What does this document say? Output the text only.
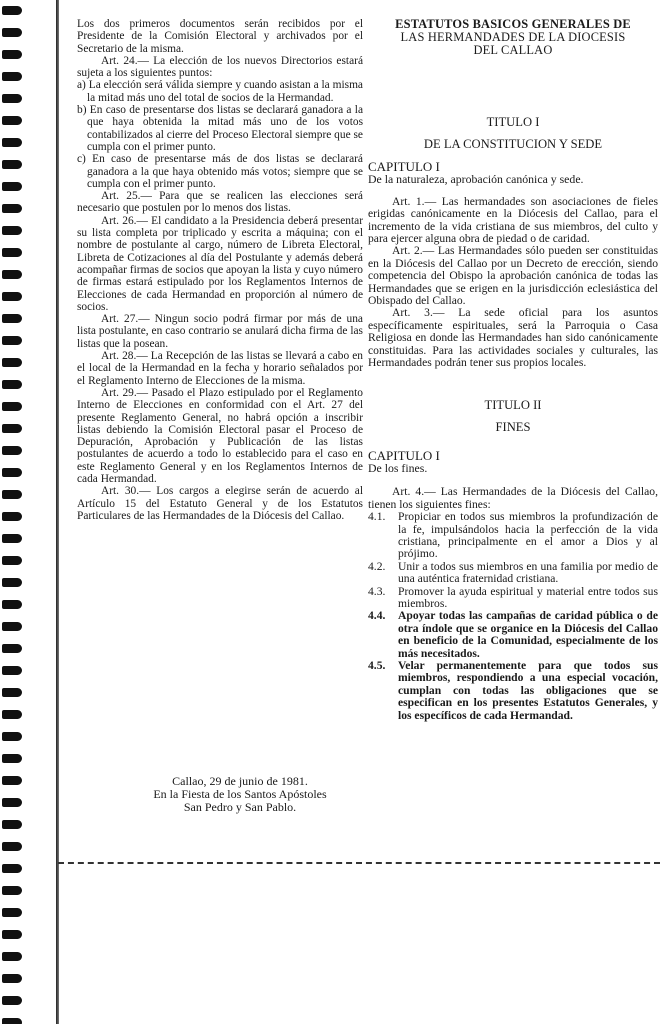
Los dos primeros documentos serán recibidos por el Presidente de la Comisión Electoral y archivados por el Secretario de la misma.

Art. 24.— La elección de los nuevos Directorios estará sujeta a los siguientes puntos:

a) La elección será válida siempre y cuando asistan a la misma la mitad más uno del total de socios de la Hermandad.

b) En caso de presentarse dos listas se declarará ganadora a la que haya obtenida la mitad más uno de los votos contabilizados al cierre del Proceso Electoral siempre que se cumpla con el primer punto.

c) En caso de presentarse más de dos listas se declarará ganadora a la que haya obtenido más votos; siempre que se cumpla con el primer punto.

Art. 25.— Para que se realicen las elecciones será necesario que postulen por lo menos dos listas.

Art. 26.— El candidato a la Presidencia deberá presentar su lista completa por triplicado y escrita a máquina; con el nombre de postulante al cargo, número de Libreta Electoral, Libreta de Cotizaciones al día del Postulante y además deberá acompañar firmas de socios que apoyan la lista y cuyo número de firmas estará estipulado por los Reglamentos Internos de Elecciones de cada Hermandad en proporción al número de socios.

Art. 27.— Ningun socio podrá firmar por más de una lista postulante, en caso contrario se anulará dicha firma de las listas que la posean.

Art. 28.— La Recepción de las listas se llevará a cabo en el local de la Hermandad en la fecha y horario señalados por el Reglamento Interno de Elecciones de la misma.

Art. 29.— Pasado el Plazo estipulado por el Reglamento Interno de Elecciones en conformidad con el Art. 27 del presente Reglamento General, no habrá opción a inscribir listas debiendo la Comisión Electoral pasar el Proceso de Depuración, Aprobación y Publicación de las listas postulantes de acuerdo a todo lo establecido para el caso en este Reglamento General y en los Reglamentos Internos de cada Hermandad.

Art. 30.— Los cargos a elegirse serán de acuerdo al Artículo 15 del Estatuto General y de los Estatutos Particulares de las Hermandades de la Diócesis del Callao.

Callao, 29 de junio de 1981.

En la Fiesta de los Santos Apóstoles

San Pedro y San Pablo.

ESTATUTOS BASICOS GENERALES DE
LAS HERMANDADES DE LA DIOCESIS
DEL CALLAO

TITULO I

DE LA CONSTITUCION Y SEDE

CAPITULO I

De la naturaleza, aprobación canónica y sede.

Art. 1.— Las hermandades son asociaciones de fieles erigidas canónicamente en la Diócesis del Callao, para el incremento de la vida cristiana de sus miembros, del culto y para ejercer alguna obra de piedad o de caridad.

Art. 2.— Las Hermandades sólo pueden ser constituidas en la Diócesis del Callao por un Decreto de erección, siendo competencia del Obispo la aprobación canónica de todas las Hermandades que se erigen en la jurisdicción eclesiástica del Obispado del Callao.

Art. 3.— La sede oficial para los asuntos específicamente espirituales, será la Parroquia o Casa Religiosa en donde las Hermandades han sido canónicamente constituidas. Para las actividades sociales y culturales, las Hermandades podrán tener sus propios locales.

TITULO II

FINES

CAPITULO I

De los fines.

Art. 4.— Las Hermandades de la Diócesis del Callao, tienen los siguientes fines:

4.1.	Propiciar en todos sus miembros la profundización de la fe, impulsándolos hacia la perfección de la vida cristiana, principalmente en el amor a Dios y al prójimo.
4.2.	Unir a todos sus miembros en una familia por medio de una auténtica fraternidad cristiana.
4.3.	Promover la ayuda espiritual y material entre todos sus miembros.
4.4.	Apoyar todas las campañas de caridad pública o de otra índole que se organice en la Diócesis del Callao en beneficio de la Comunidad, especialmente de los más necesitados.
4.5.	Velar permanentemente para que todos sus miembros, respondiendo a una especial vocación, cumplan con todas las obligaciones que se especifican en los presentes Estatutos Generales, y los específicos de cada Hermandad.
